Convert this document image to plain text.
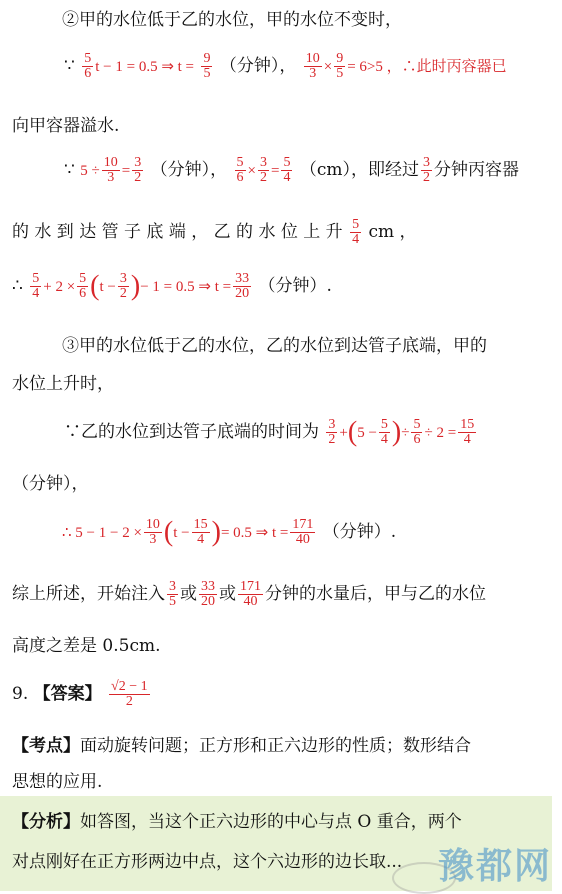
②甲的水位低于乙的水位，甲的水位不变时，
∵ $\frac{5}{6}$ t − 1 = 0.5 ⇒ $t = \frac{9}{5}$ （分钟）， $\frac{10}{3} \times \frac{9}{5} = 6>5$ ，∴此时丙容器已
向甲容器溢水.
∵ $5 \div \frac{10}{3} = \frac{3}{2}$ （分钟）， $\frac{5}{6} \times \frac{3}{2} = \frac{5}{4} (cm)$，即经过 $\frac{3}{2}$ 分钟丙容器
的 水 到 达 管 子 底 端 ， 乙 的 水 位 上 升 $\frac{5}{4}$ cm ，
∴ $\frac{5}{4} + 2 \times \frac{5}{6} (t - \frac{3}{2}$ )− 1 = 0.5 ⇒ $t = \frac{33}{20}$ （分钟）.
③甲的水位低于乙的水位，乙的水位到达管子底端，甲的
水位上升时，
∵乙的水位到达管子底端的时间为 $\frac{3}{2} +(5 - \frac{5}{4}$ )÷ $\frac{5}{6} \div 2 = \frac{15}{4}$
（分钟），
∴ $5 - 1 - 2 \times \frac{10}{3} (t - \frac{15}{4}$ )= 0.5 ⇒ $t = \frac{171}{40}$ （分钟）.
综上所述，开始注入 $\frac{3}{5}$ 或 $\frac{33}{20}$ 或 $\frac{171}{40}$ 分钟的水量后，甲与乙的水位
高度之差是 0.5cm.
9. 【答案】 $\frac{√2 - 1}{2}$
【考点】面动旋转问题；正方形和正六边形的性质；数形结合
思想的应用.
【分析】如答图，当这个正六边形的中心与点 O 重合，两个
对点刚好在正方形两边中点，这个六边形的边长取... 豫都网
